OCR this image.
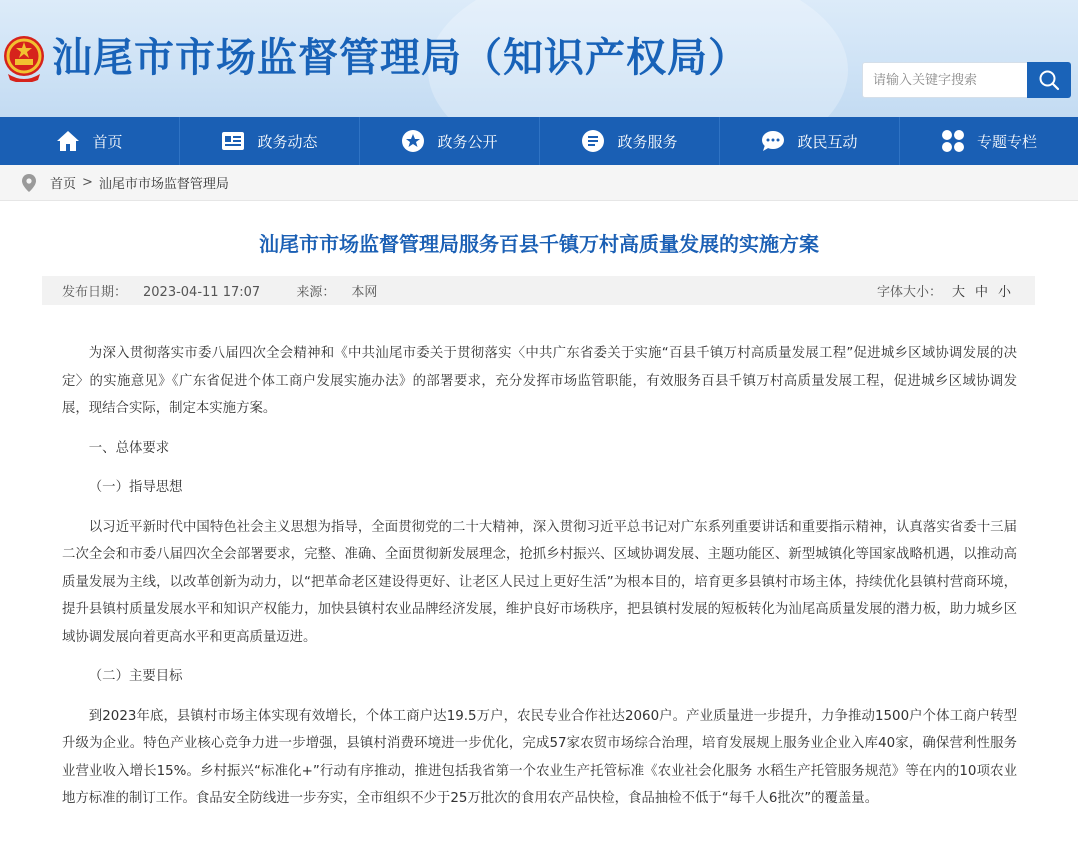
汕尾市市场监督管理局（知识产权局）
请输入关键字搜索
首页	政务动态	政务公开	政务服务	政民互动	专题专栏
首页 > 汕尾市市场监督管理局
汕尾市市场监督管理局服务百县千镇万村高质量发展的实施方案
发布日期： 2023-04-11 17:07	来源： 本网	字体大小： 大 中 小

为深入贯彻落实市委八届四次全会精神和《中共汕尾市委关于贯彻落实〈中共广东省委关于实施“百县千镇万村高质量发展工程”促进城乡区域协调发展的决定〉的实施意见》《广东省促进个体工商户发展实施办法》的部署要求，充分发挥市场监管职能，有效服务百县千镇万村高质量发展工程，促进城乡区域协调发展，现结合实际，制定本实施方案。

一、总体要求

（一）指导思想

以习近平新时代中国特色社会主义思想为指导，全面贯彻党的二十大精神，深入贯彻习近平总书记对广东系列重要讲话和重要指示精神，认真落实省委十三届二次全会和市委八届四次全会部署要求，完整、准确、全面贯彻新发展理念，抢抓乡村振兴、区域协调发展、主题功能区、新型城镇化等国家战略机遇，以推动高质量发展为主线，以改革创新为动力，以“把革命老区建设得更好、让老区人民过上更好生活”为根本目的，培育更多县镇村市场主体，持续优化县镇村营商环境，提升县镇村质量发展水平和知识产权能力，加快县镇村农业品牌经济发展，维护良好市场秩序，把县镇村发展的短板转化为汕尾高质量发展的潜力板，助力城乡区域协调发展向着更高水平和更高质量迈进。

（二）主要目标

到2023年底，县镇村市场主体实现有效增长，个体工商户达19.5万户，农民专业合作社达2060户。产业质量进一步提升，力争推动1500户个体工商户转型升级为企业。特色产业核心竞争力进一步增强，县镇村消费环境进一步优化，完成57家农贸市场综合治理，培育发展规上服务业企业入库40家，确保营利性服务业营业收入增长15%。乡村振兴“标准化+”行动有序推动，推进包括我省第一个农业生产托管标准《农业社会化服务 水稻生产托管服务规范》等在内的10项农业地方标准的制订工作。食品安全防线进一步夯实，全市组织不少于25万批次的食用农产品快检，食品抽检不低于“每千人6批次”的覆盖量。
